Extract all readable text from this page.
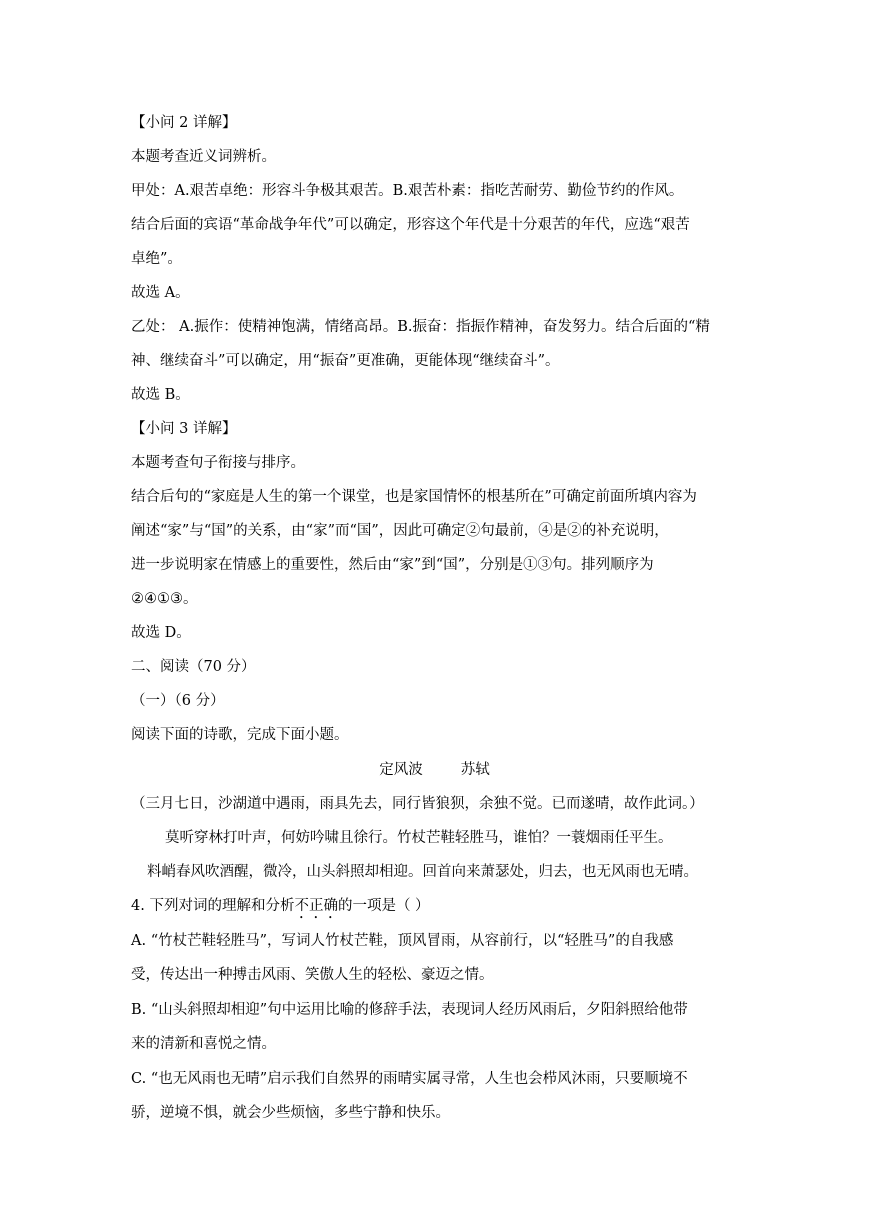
【小问 2 详解】
本题考查近义词辨析。
甲处：A.艰苦卓绝：形容斗争极其艰苦。B.艰苦朴素：指吃苦耐劳、勤俭节约的作风。
结合后面的宾语“革命战争年代”可以确定，形容这个年代是十分艰苦的年代，应选“艰苦
卓绝”。
故选 A。
乙处： A.振作：使精神饱满，情绪高昂。B.振奋：指振作精神，奋发努力。结合后面的“精
神、继续奋斗”可以确定，用“振奋”更准确，更能体现“继续奋斗”。
故选 B。
【小问 3 详解】
本题考查句子衔接与排序。
结合后句的“家庭是人生的第一个课堂，也是家国情怀的根基所在”可确定前面所填内容为
阐述“家”与“国”的关系，由“家”而“国”，因此可确定②句最前，④是②的补充说明，
进一步说明家在情感上的重要性，然后由“家”到“国”，分别是①③句。排列顺序为
②④①③。
故选 D。
二、阅读（70 分）
（一）（6 分）
阅读下面的诗歌，完成下面小题。
定风波	苏轼
（三月七日，沙湖道中遇雨，雨具先去，同行皆狼狈，余独不觉。已而遂晴，故作此词。）
莫听穿林打叶声，何妨吟啸且徐行。竹杖芒鞋轻胜马，谁怕？一蓑烟雨任平生。
料峭春风吹酒醒，微冷，山头斜照却相迎。回首向来萧瑟处，归去，也无风雨也无晴。
4. 下列对词的理解和分析不正确的一项是（ ）
A. “竹杖芒鞋轻胜马”，写词人竹杖芒鞋，顶风冒雨，从容前行，以“轻胜马”的自我感
受，传达出一种搏击风雨、笑傲人生的轻松、豪迈之情。
B. “山头斜照却相迎”句中运用比喻的修辞手法，表现词人经历风雨后，夕阳斜照给他带
来的清新和喜悦之情。
C. “也无风雨也无晴”启示我们自然界的雨晴实属寻常，人生也会栉风沐雨，只要顺境不
骄，逆境不惧，就会少些烦恼，多些宁静和快乐。
